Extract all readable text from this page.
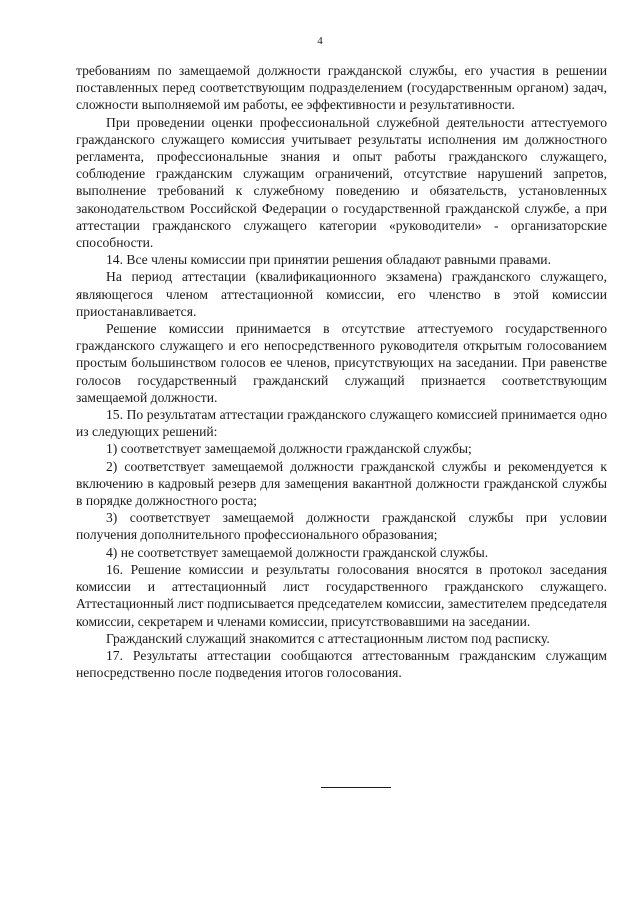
4

требованиям по замещаемой должности гражданской службы, его участия в решении поставленных перед соответствующим подразделением (государственным органом) задач, сложности выполняемой им работы, ее эффективности и результативности.

При проведении оценки профессиональной служебной деятельности аттестуемого гражданского служащего комиссия учитывает результаты исполнения им должностного регламента, профессиональные знания и опыт работы гражданского служащего, соблюдение гражданским служащим ограничений, отсутствие нарушений запретов, выполнение требований к служебному поведению и обязательств, установленных законодательством Российской Федерации о государственной гражданской службе, а при аттестации гражданского служащего категории «руководители» - организаторские способности.

14. Все члены комиссии при принятии решения обладают равными правами.

На период аттестации (квалификационного экзамена) гражданского служащего, являющегося членом аттестационной комиссии, его членство в этой комиссии приостанавливается.

Решение комиссии принимается в отсутствие аттестуемого государственного гражданского служащего и его непосредственного руководителя открытым голосованием простым большинством голосов ее членов, присутствующих на заседании. При равенстве голосов государственный гражданский служащий признается соответствующим замещаемой должности.

15. По результатам аттестации гражданского служащего комиссией принимается одно из следующих решений:

1) соответствует замещаемой должности гражданской службы;

2) соответствует замещаемой должности гражданской службы и рекомендуется к включению в кадровый резерв для замещения вакантной должности гражданской службы в порядке должностного роста;

3) соответствует замещаемой должности гражданской службы при условии получения дополнительного профессионального образования;

4) не соответствует замещаемой должности гражданской службы.

16. Решение комиссии и результаты голосования вносятся в протокол заседания комиссии и аттестационный лист государственного гражданского служащего. Аттестационный лист подписывается председателем комиссии, заместителем председателя комиссии, секретарем и членами комиссии, присутствовавшими на заседании.

Гражданский служащий знакомится с аттестационным листом под расписку.

17. Результаты аттестации сообщаются аттестованным гражданским служащим непосредственно после подведения итогов голосования.
